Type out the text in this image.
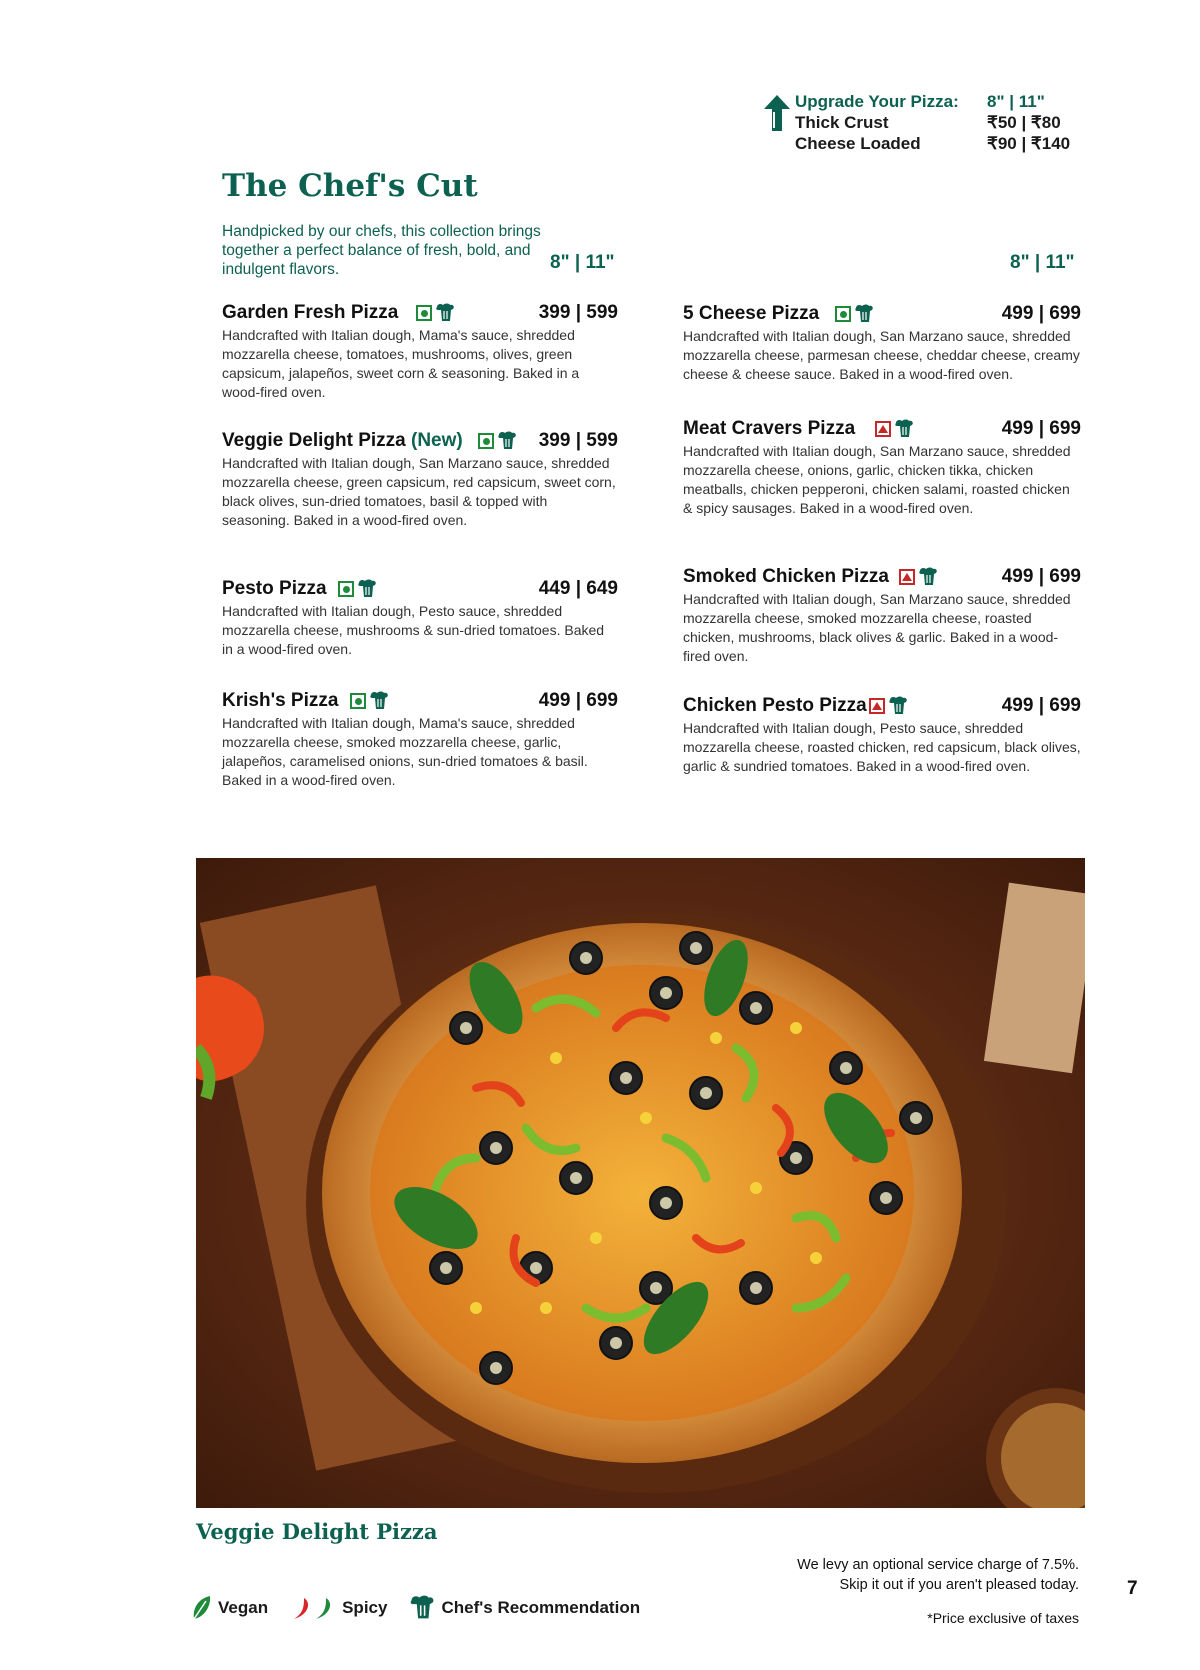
Upgrade Your Pizza: 8" | 11"
Thick Crust	₹50 | ₹80
Cheese Loaded	₹90 | ₹140
The Chef's Cut
Handpicked by our chefs, this collection brings together a perfect balance of fresh, bold, and indulgent flavors.	8" | 11"	8" | 11"
Garden Fresh Pizza	399 | 599
Handcrafted with Italian dough, Mama's sauce, shredded mozzarella cheese, tomatoes, mushrooms, olives, green capsicum, jalapeños, sweet corn & seasoning. Baked in a wood-fired oven.
Veggie Delight Pizza (New)	399 | 599
Handcrafted with Italian dough, San Marzano sauce, shredded mozzarella cheese, green capsicum, red capsicum, sweet corn, black olives, sun-dried tomatoes, basil & topped with seasoning. Baked in a wood-fired oven.
Pesto Pizza	449 | 649
Handcrafted with Italian dough, Pesto sauce, shredded mozzarella cheese, mushrooms & sun-dried tomatoes. Baked in a wood-fired oven.
Krish's Pizza	499 | 699
Handcrafted with Italian dough, Mama's sauce, shredded mozzarella cheese, smoked mozzarella cheese, garlic, jalapeños, caramelised onions, sun-dried tomatoes & basil. Baked in a wood-fired oven.
5 Cheese Pizza	499 | 699
Handcrafted with Italian dough, San Marzano sauce, shredded mozzarella cheese, parmesan cheese, cheddar cheese, creamy cheese & cheese sauce. Baked in a wood-fired oven.
Meat Cravers Pizza	499 | 699
Handcrafted with Italian dough, San Marzano sauce, shredded mozzarella cheese, onions, garlic, chicken tikka, chicken meatballs, chicken pepperoni, chicken salami, roasted chicken & spicy sausages. Baked in a wood-fired oven.
Smoked Chicken Pizza	499 | 699
Handcrafted with Italian dough, San Marzano sauce, shredded mozzarella cheese, smoked mozzarella cheese, roasted chicken, mushrooms, black olives & garlic. Baked in a wood-fired oven.
Chicken Pesto Pizza	499 | 699
Handcrafted with Italian dough, Pesto sauce, shredded mozzarella cheese, roasted chicken, red capsicum, black olives, garlic & sundried tomatoes. Baked in a wood-fired oven.
Veggie Delight Pizza
Vegan	Spicy	Chef's Recommendation
We levy an optional service charge of 7.5%.
Skip it out if you aren't pleased today.
*Price exclusive of taxes
7
